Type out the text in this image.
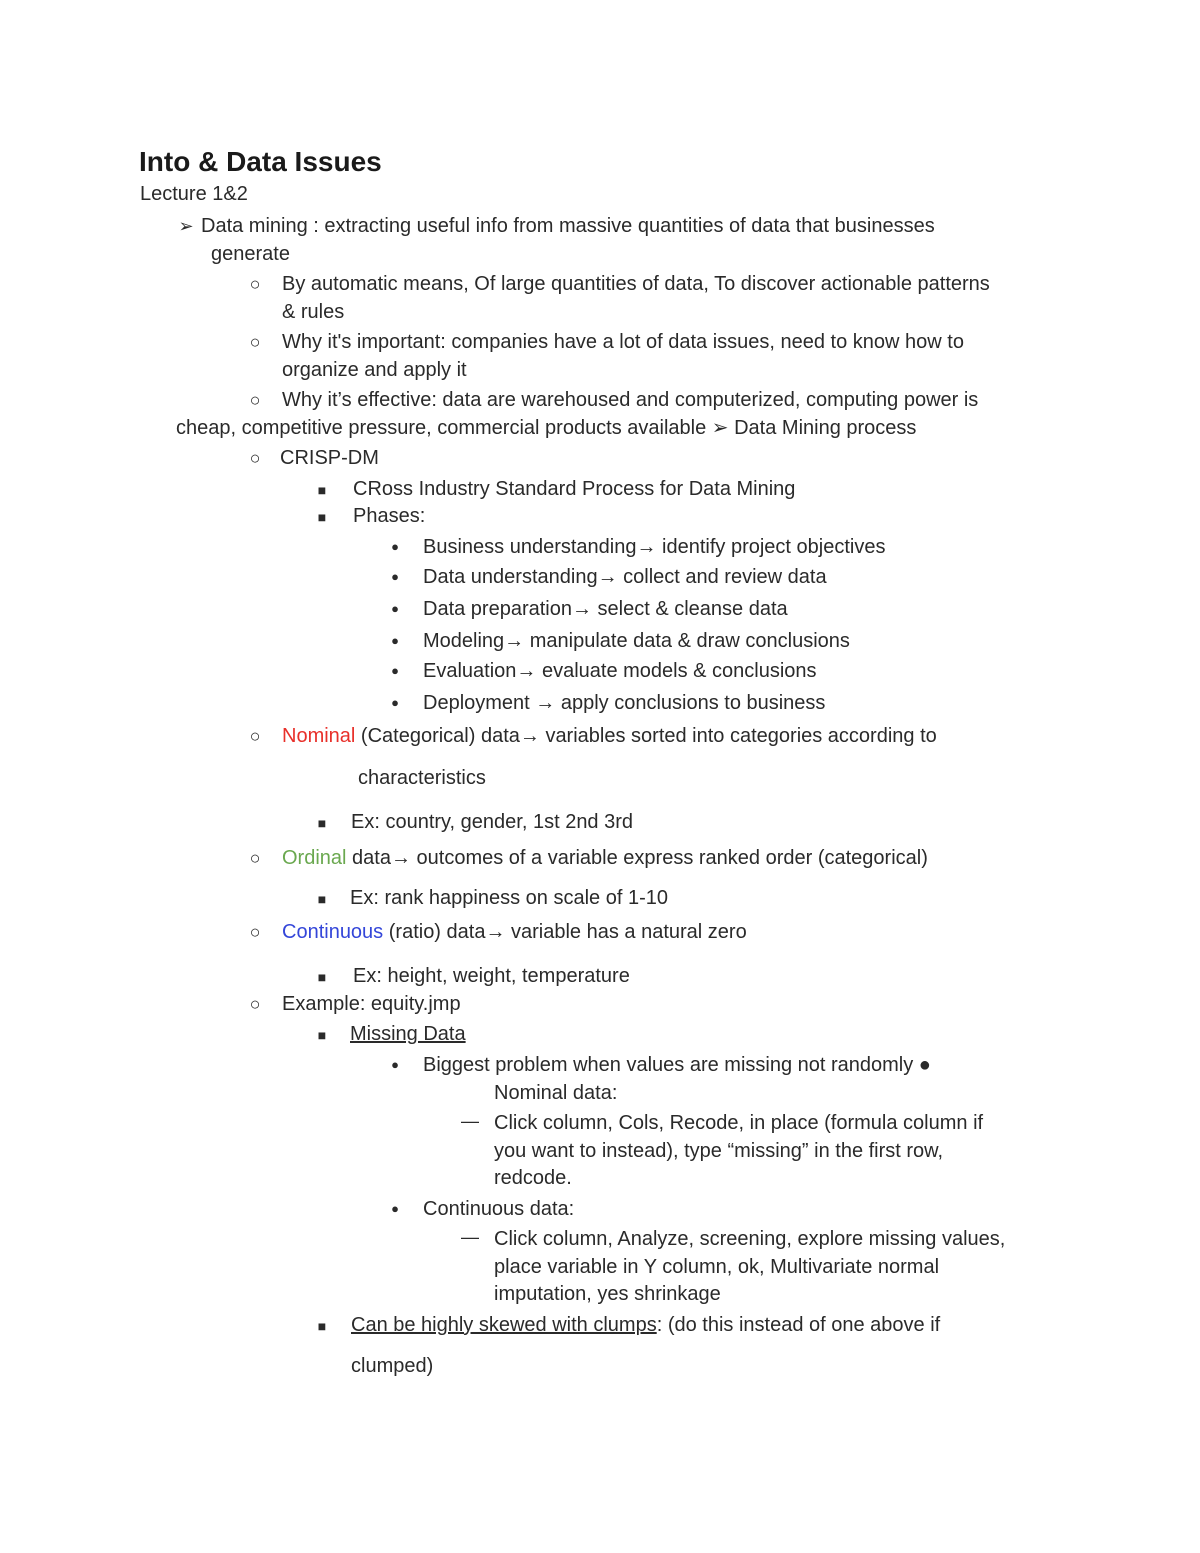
Into & Data Issues
Lecture 1&2
➢ Data mining : extracting useful info from massive quantities of data that businesses
generate
○ By automatic means, Of large quantities of data, To discover actionable patterns
& rules
○ Why it's important: companies have a lot of data issues, need to know how to
organize and apply it
○ Why it’s effective: data are warehoused and computerized, computing power is
cheap, competitive pressure, commercial products available ➢ Data Mining process
○ CRISP-DM
■	CRoss Industry Standard Process for Data Mining
■	Phases:
●	Business understanding→ identify project objectives
●	Data understanding→ collect and review data
●	Data preparation→ select & cleanse data
●	Modeling→ manipulate data & draw conclusions
●	Evaluation→ evaluate models & conclusions
●	Deployment → apply conclusions to business
○ Nominal (Categorical) data→ variables sorted into categories according to
characteristics
■	Ex: country, gender, 1st 2nd 3rd
○ Ordinal data→ outcomes of a variable express ranked order (categorical)
■	Ex: rank happiness on scale of 1-10
○ Continuous (ratio) data→ variable has a natural zero
■	Ex: height, weight, temperature
○ Example: equity.jmp
■	Missing Data
●	Biggest problem when values are missing not randomly ●
Nominal data:
— Click column, Cols, Recode, in place (formula column if
you want to instead), type “missing” in the first row,
redcode.
●	Continuous data:
— Click column, Analyze, screening, explore missing values,
place variable in Y column, ok, Multivariate normal
imputation, yes shrinkage
■	Can be highly skewed with clumps: (do this instead of one above if
clumped)
